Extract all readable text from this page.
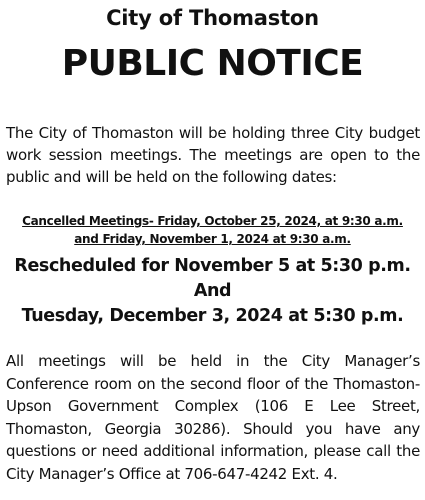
City of Thomaston
PUBLIC NOTICE
The City of Thomaston will be holding three City budget work session meetings. The meetings are open to the public and will be held on the following dates:
Cancelled Meetings- Friday, October 25, 2024, at 9:30 a.m.
and Friday, November 1, 2024 at 9:30 a.m.
Rescheduled for November 5 at 5:30 p.m.
And
Tuesday, December 3, 2024 at 5:30 p.m.
All meetings will be held in the City Manager’s Conference room on the second floor of the Thomaston-Upson Government Complex (106 E Lee Street, Thomaston, Georgia 30286). Should you have any questions or need additional information, please call the City Manager’s Office at 706-647-4242 Ext. 4.
